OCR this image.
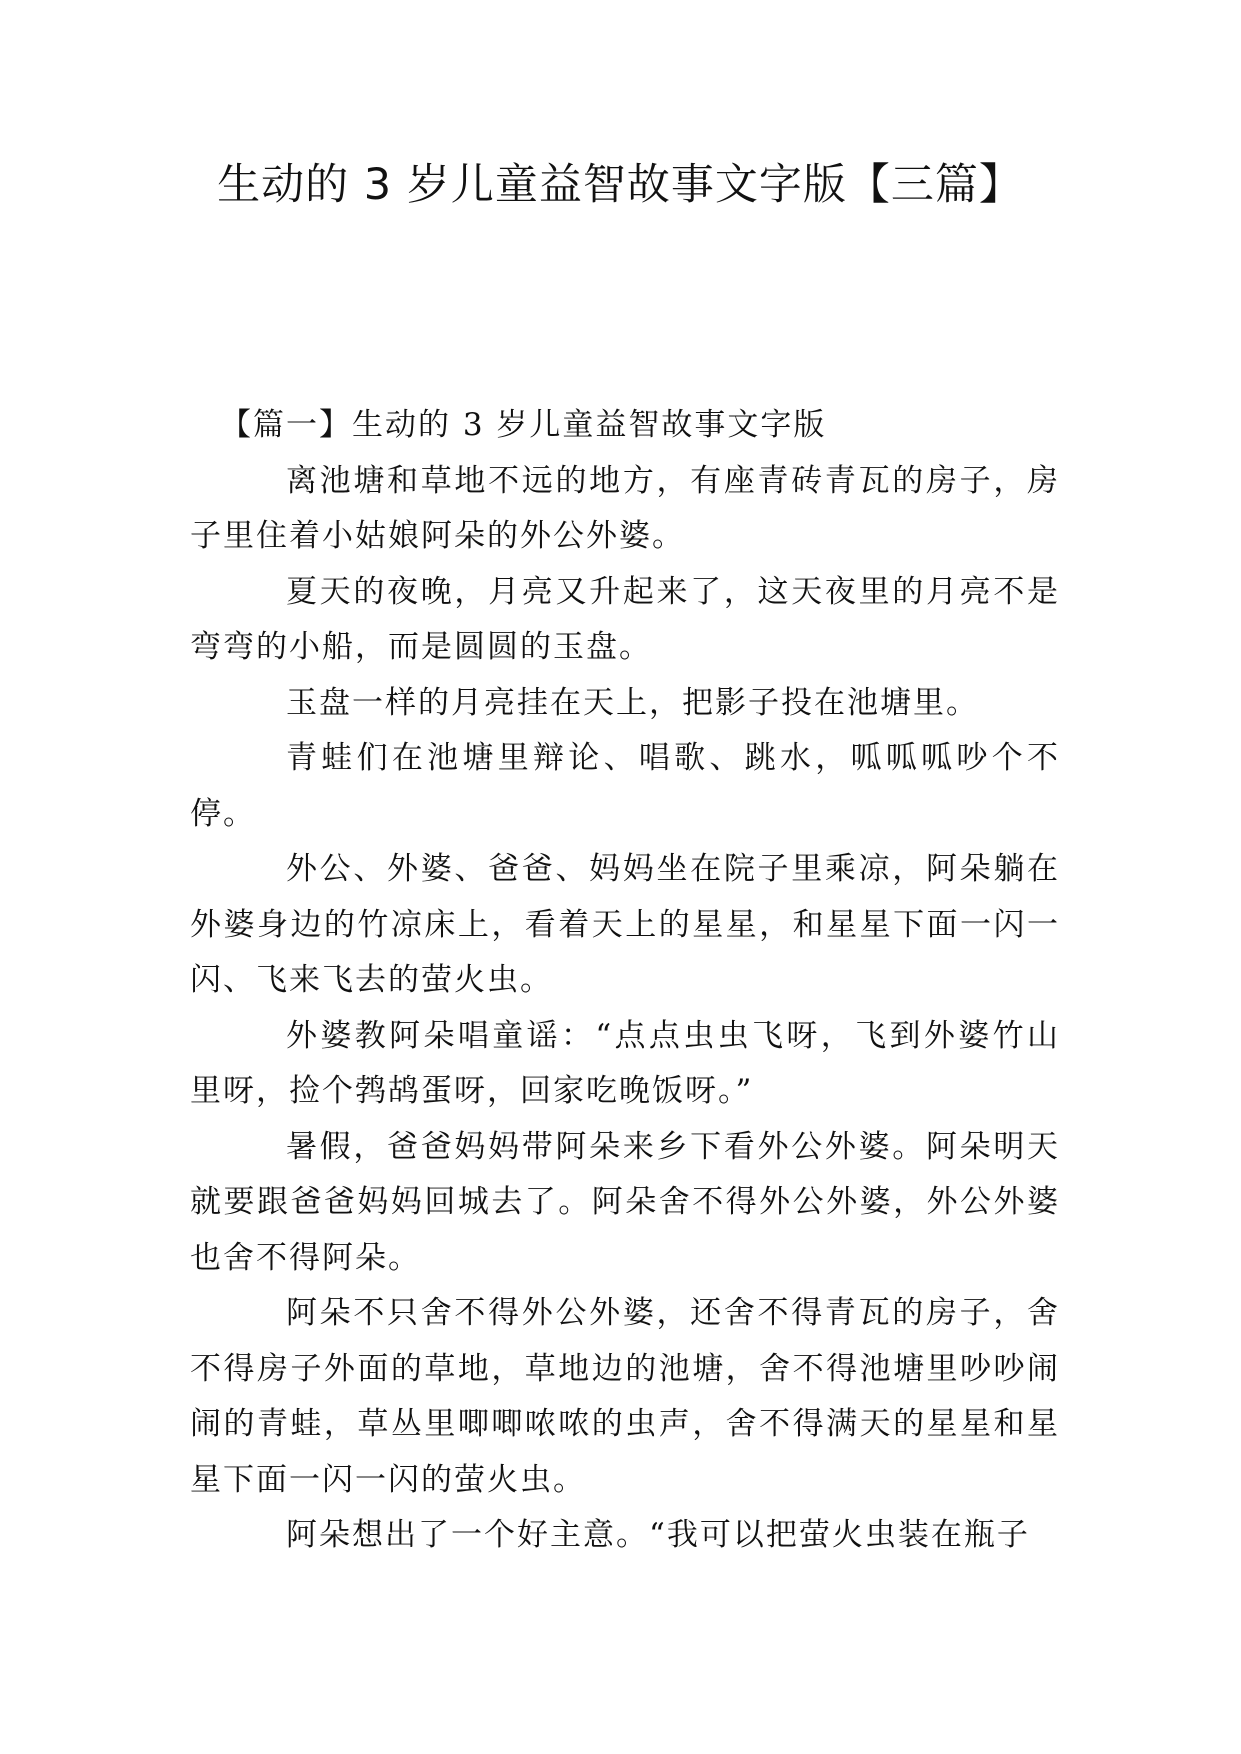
生动的 3 岁儿童益智故事文字版【三篇】
【篇一】生动的 3 岁儿童益智故事文字版

离池塘和草地不远的地方，有座青砖青瓦的房子，房子里住着小姑娘阿朵的外公外婆。

夏天的夜晚，月亮又升起来了，这天夜里的月亮不是弯弯的小船，而是圆圆的玉盘。

玉盘一样的月亮挂在天上，把影子投在池塘里。

青蛙们在池塘里辩论、唱歌、跳水，呱呱呱吵个不停。

外公、外婆、爸爸、妈妈坐在院子里乘凉，阿朵躺在外婆身边的竹凉床上，看着天上的星星，和星星下面一闪一闪、飞来飞去的萤火虫。

外婆教阿朵唱童谣：“点点虫虫飞呀，飞到外婆竹山里呀，捡个鹁鸪蛋呀，回家吃晚饭呀。”

暑假，爸爸妈妈带阿朵来乡下看外公外婆。阿朵明天就要跟爸爸妈妈回城去了。阿朵舍不得外公外婆，外公外婆也舍不得阿朵。

阿朵不只舍不得外公外婆，还舍不得青瓦的房子，舍不得房子外面的草地，草地边的池塘，舍不得池塘里吵吵闹闹的青蛙，草丛里唧唧哝哝的虫声，舍不得满天的星星和星星下面一闪一闪的萤火虫。

阿朵想出了一个好主意。“我可以把萤火虫装在瓶子
